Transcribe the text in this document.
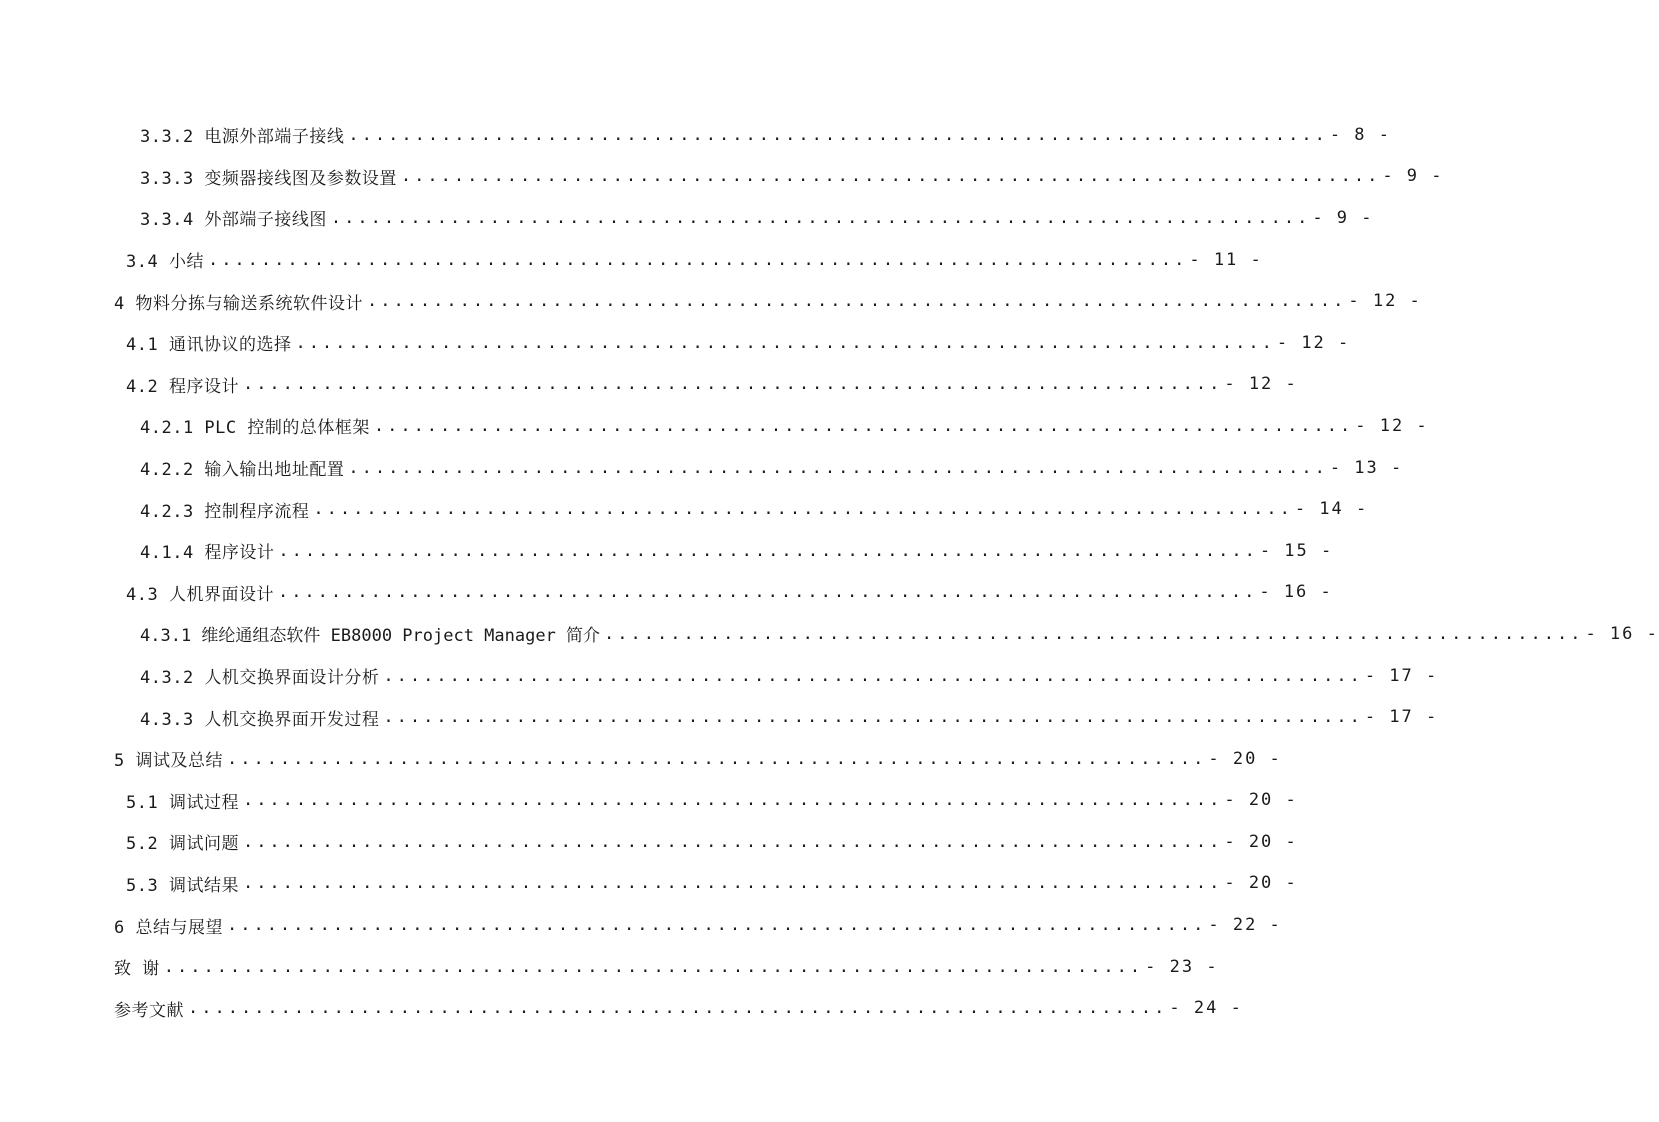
3.3.2 电源外部端子接线 .......................................................................... - 8 -
3.3.3 变频器接线图及参数设置 .......................................................................... - 9 -
3.3.4 外部端子接线图 .......................................................................... - 9 -
3.4 小结 .......................................................................... - 11 -
4 物料分拣与输送系统软件设计 .......................................................................... - 12 -
4.1 通讯协议的选择 .......................................................................... - 12 -
4.2 程序设计 .......................................................................... - 12 -
4.2.1 PLC 控制的总体框架 .......................................................................... - 12 -
4.2.2 输入输出地址配置 .......................................................................... - 13 -
4.2.3 控制程序流程 .......................................................................... - 14 -
4.1.4 程序设计 .......................................................................... - 15 -
4.3 人机界面设计 .......................................................................... - 16 -
4.3.1 维纶通组态软件 EB8000 Project Manager 简介 .......................................................................... - 16 -
4.3.2 人机交换界面设计分析 .......................................................................... - 17 -
4.3.3 人机交换界面开发过程 .......................................................................... - 17 -
5 调试及总结 .......................................................................... - 20 -
5.1 调试过程 .......................................................................... - 20 -
5.2 调试问题 .......................................................................... - 20 -
5.3 调试结果 .......................................................................... - 20 -
6 总结与展望 .......................................................................... - 22 -
致 谢 .......................................................................... - 23 -
参考文献 .......................................................................... - 24 -
